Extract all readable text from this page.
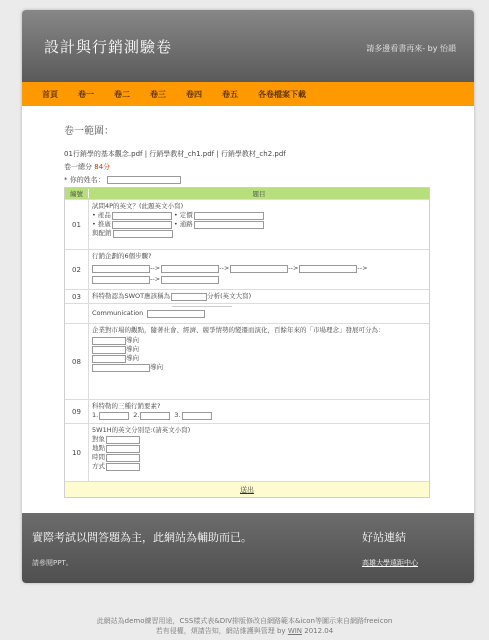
設計與行銷測驗卷	請多邊看書再來- by 怡韻
首頁	卷一	卷二	卷三	卷四	卷五	各卷檔案下載
卷一範圍：
01行銷學的基本觀念.pdf | 行銷學教材_ch1.pdf | 行銷學教材_ch2.pdf
卷一總分 84分
* 你的姓名：
編號	題目
01
試問4P的英文？(此題英文小寫)
• 產品	• 定價
• 推廣	• 通路
與配銷
02
行銷企劃的6個步驟?
-->	-->	-->	-->
-->
03	科特勒認為SWOT應該稱為	分析(英文大寫)
Communication
08
企業對市場的觀點，隨著社會、經濟、競爭情勢的變遷而演化，百餘年來的「市場理念」發展可分為：
導向
導向
導向
導向
09
科特勒的三種行銷要素?
1.	2.	3.
10
5W1H的英文分別是:(請英文小寫)
對象
地點
時間
方式
送出
實際考試以問答題為主，此網站為輔助而已。
請參閱PPT。
好站連結
高雄大學遠距中心
此網站為demo練習用途，CSS樣式表&DIV排版修改自網路範本&icon等圖示來自網路freeicon
若有侵權，煩請告知，網站維護與管理 by WIN 2012.04
